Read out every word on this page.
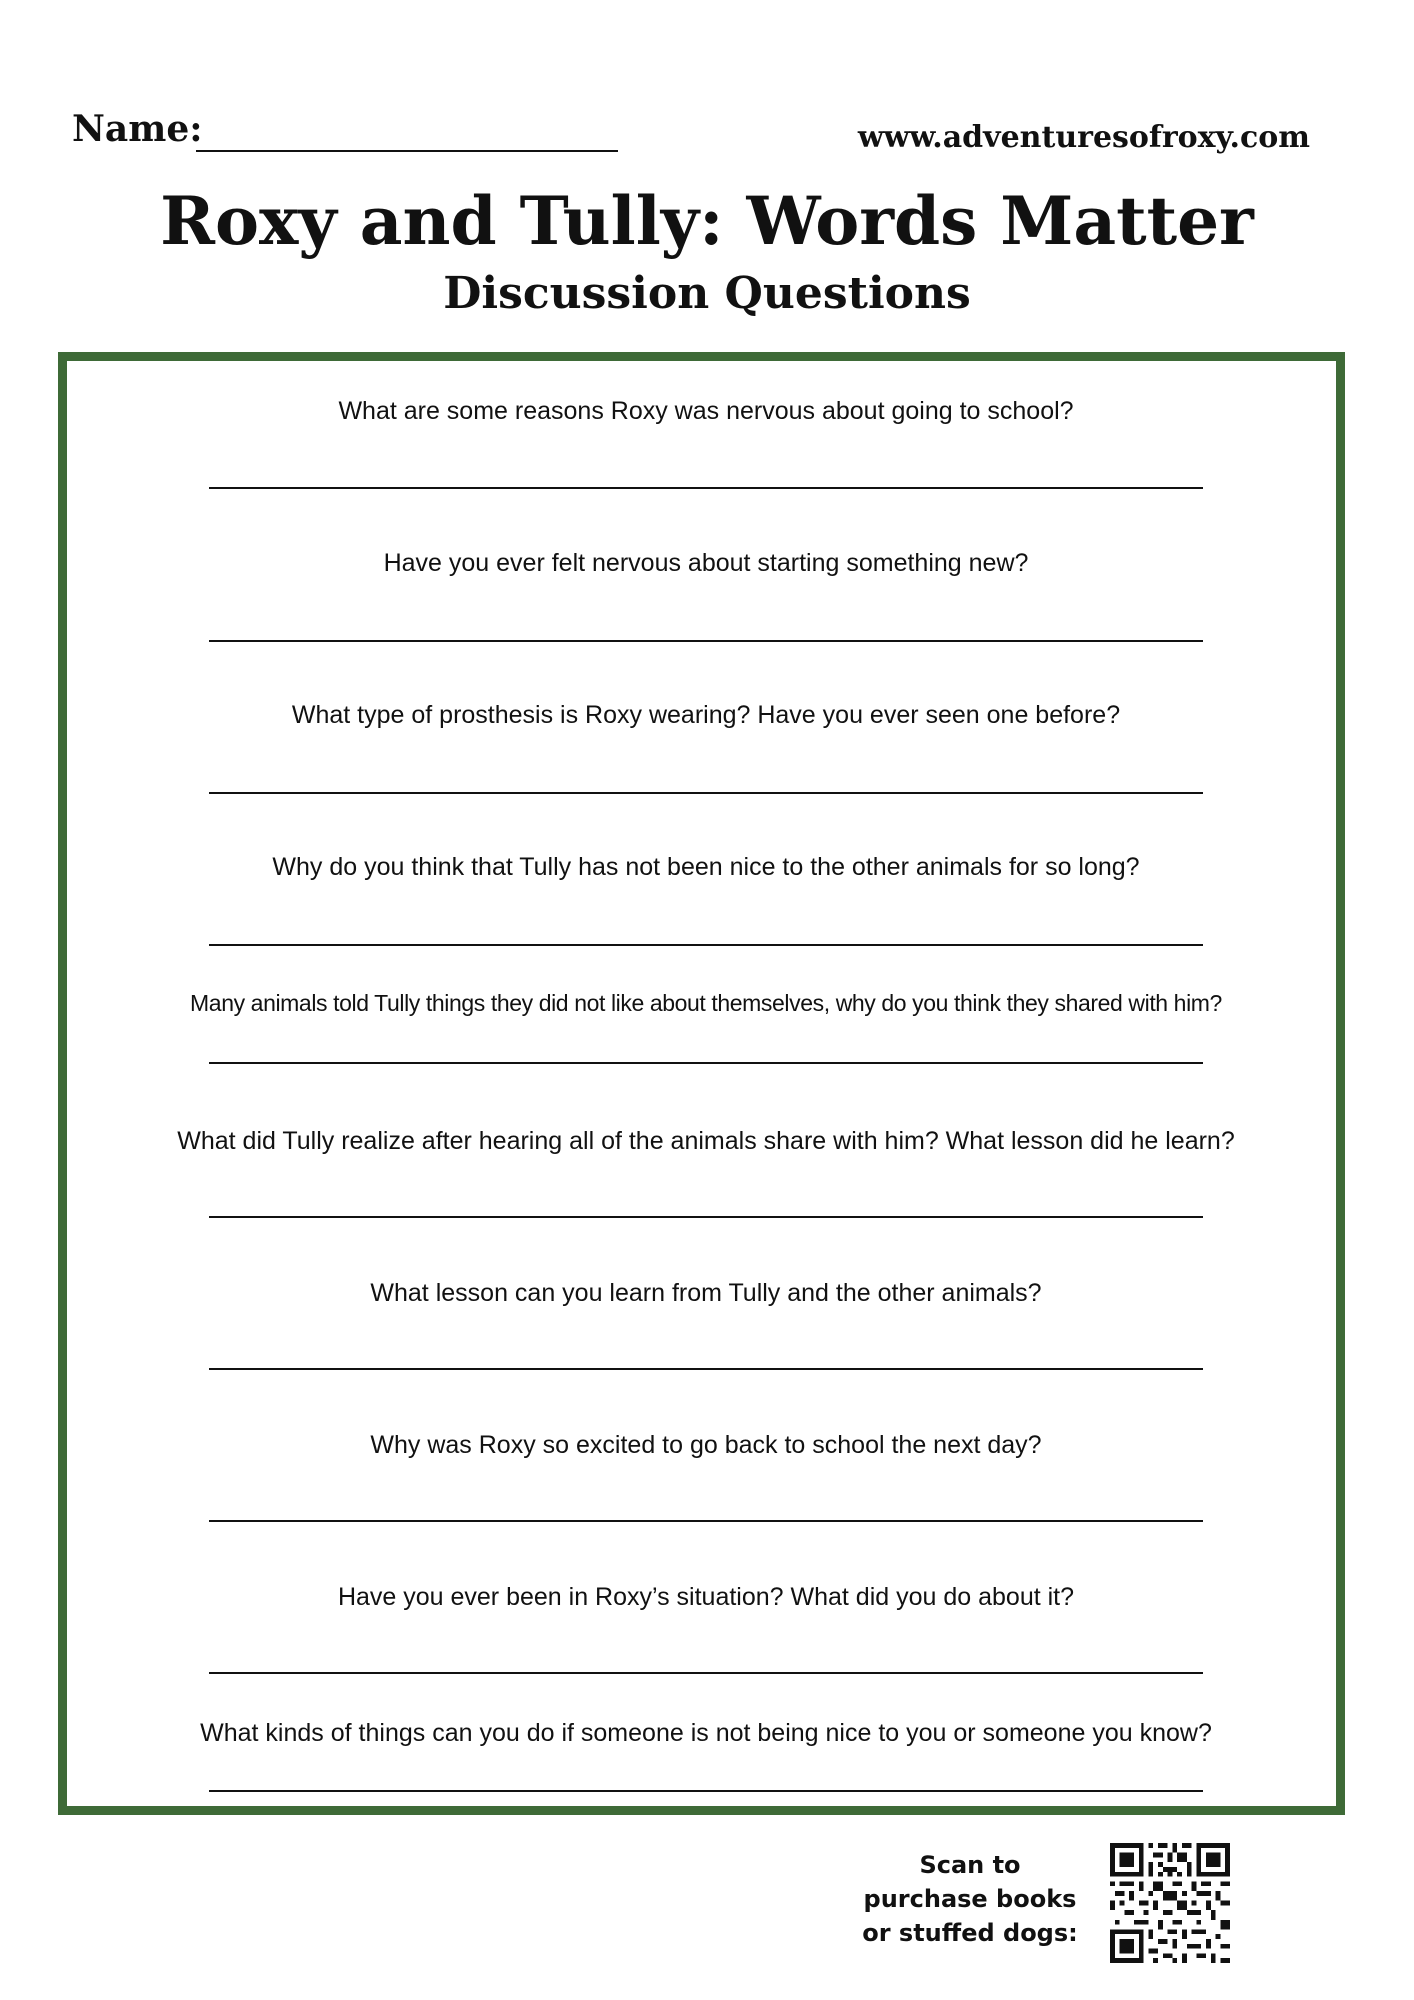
Name:	www.adventuresofroxy.com
Roxy and Tully: Words Matter
Discussion Questions
What are some reasons Roxy was nervous about going to school?
Have you ever felt nervous about starting something new?
What type of prosthesis is Roxy wearing? Have you ever seen one before?
Why do you think that Tully has not been nice to the other animals for so long?
Many animals told Tully things they did not like about themselves, why do you think they shared with him?
What did Tully realize after hearing all of the animals share with him? What lesson did he learn?
What lesson can you learn from Tully and the other animals?
Why was Roxy so excited to go back to school the next day?
Have you ever been in Roxy’s situation? What did you do about it?
What kinds of things can you do if someone is not being nice to you or someone you know?
Scan to
purchase books
or stuffed dogs:
